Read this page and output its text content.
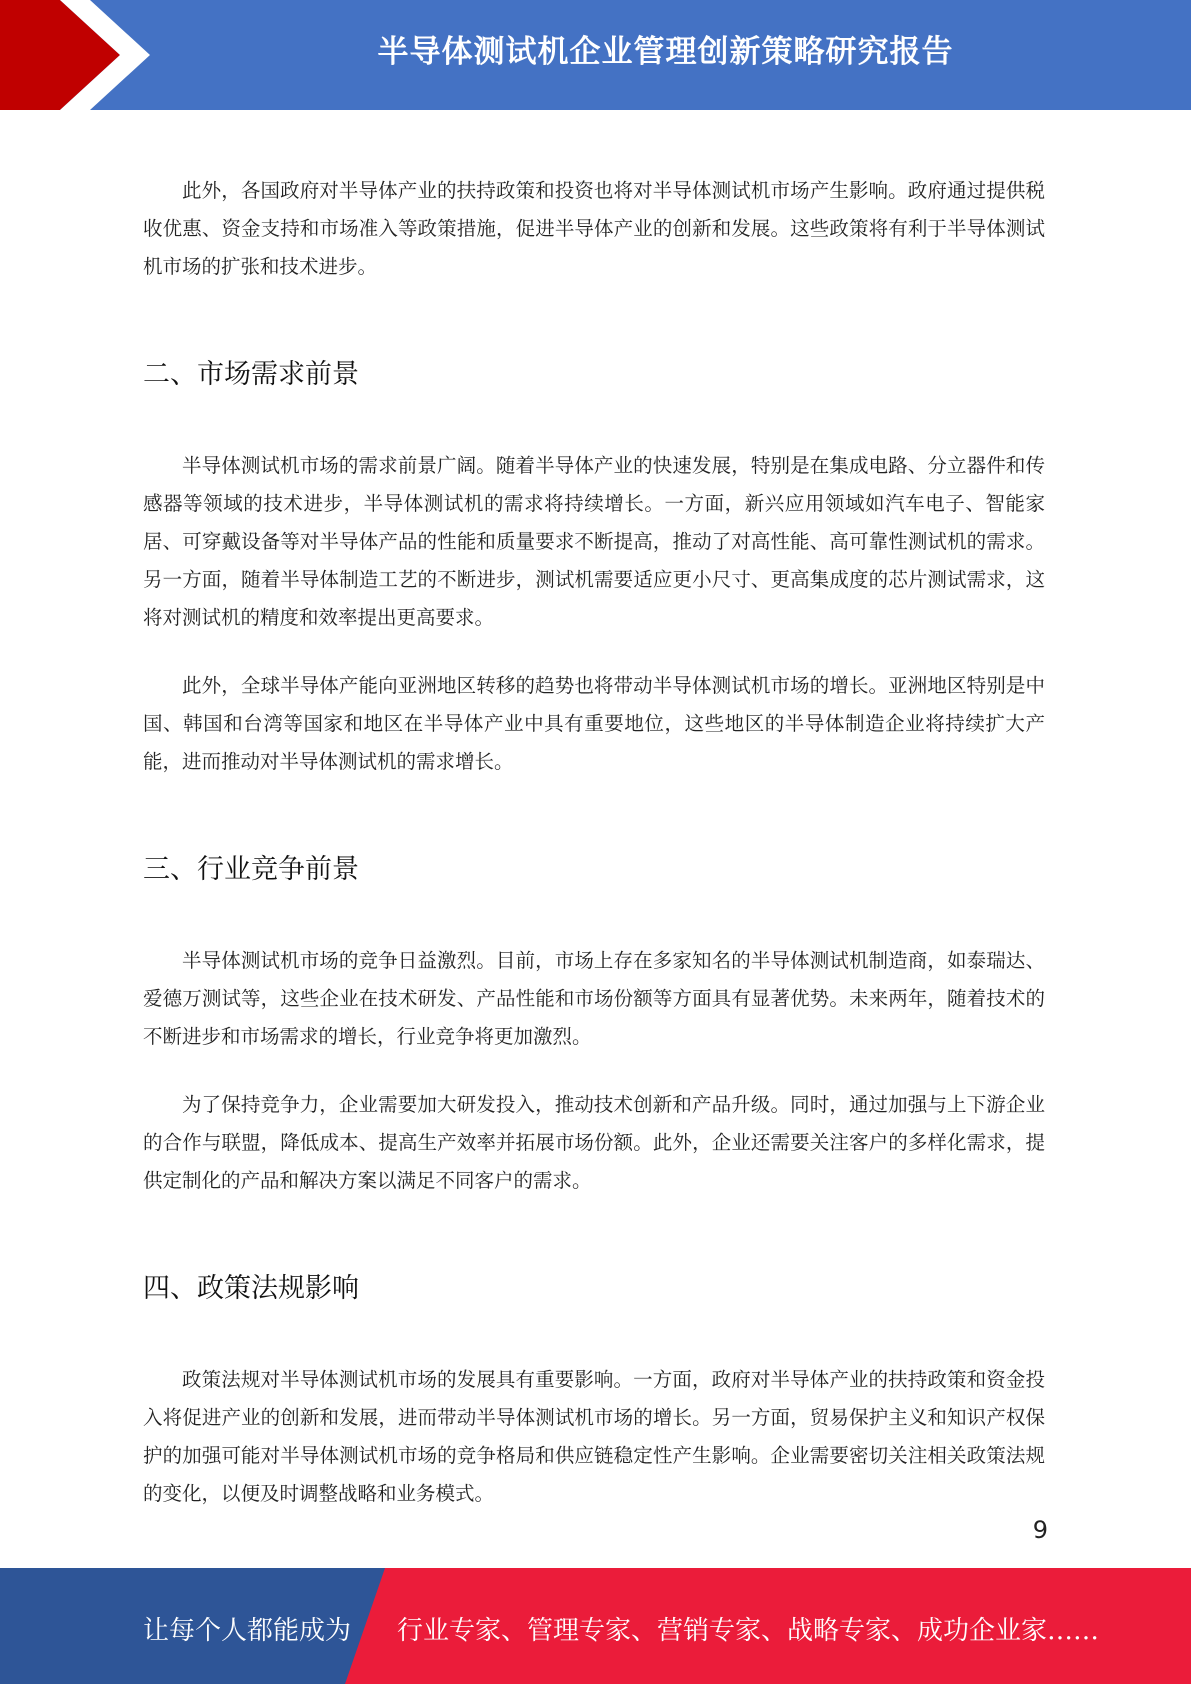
半导体测试机企业管理创新策略研究报告

此外，各国政府对半导体产业的扶持政策和投资也将对半导体测试机市场产生影响。政府通过提供税收优惠、资金支持和市场准入等政策措施，促进半导体产业的创新和发展。这些政策将有利于半导体测试机市场的扩张和技术进步。

二、市场需求前景

半导体测试机市场的需求前景广阔。随着半导体产业的快速发展，特别是在集成电路、分立器件和传感器等领域的技术进步，半导体测试机的需求将持续增长。一方面，新兴应用领域如汽车电子、智能家居、可穿戴设备等对半导体产品的性能和质量要求不断提高，推动了对高性能、高可靠性测试机的需求。另一方面，随着半导体制造工艺的不断进步，测试机需要适应更小尺寸、更高集成度的芯片测试需求，这将对测试机的精度和效率提出更高要求。

此外，全球半导体产能向亚洲地区转移的趋势也将带动半导体测试机市场的增长。亚洲地区特别是中国、韩国和台湾等国家和地区在半导体产业中具有重要地位，这些地区的半导体制造企业将持续扩大产能，进而推动对半导体测试机的需求增长。

三、行业竞争前景

半导体测试机市场的竞争日益激烈。目前，市场上存在多家知名的半导体测试机制造商，如泰瑞达、爱德万测试等，这些企业在技术研发、产品性能和市场份额等方面具有显著优势。未来两年，随着技术的不断进步和市场需求的增长，行业竞争将更加激烈。

为了保持竞争力，企业需要加大研发投入，推动技术创新和产品升级。同时，通过加强与上下游企业的合作与联盟，降低成本、提高生产效率并拓展市场份额。此外，企业还需要关注客户的多样化需求，提供定制化的产品和解决方案以满足不同客户的需求。

四、政策法规影响

政策法规对半导体测试机市场的发展具有重要影响。一方面，政府对半导体产业的扶持政策和资金投入将促进产业的创新和发展，进而带动半导体测试机市场的增长。另一方面，贸易保护主义和知识产权保护的加强可能对半导体测试机市场的竞争格局和供应链稳定性产生影响。企业需要密切关注相关政策法规的变化，以便及时调整战略和业务模式。

9
让每个人都能成为 行业专家、管理专家、营销专家、战略专家、成功企业家……
